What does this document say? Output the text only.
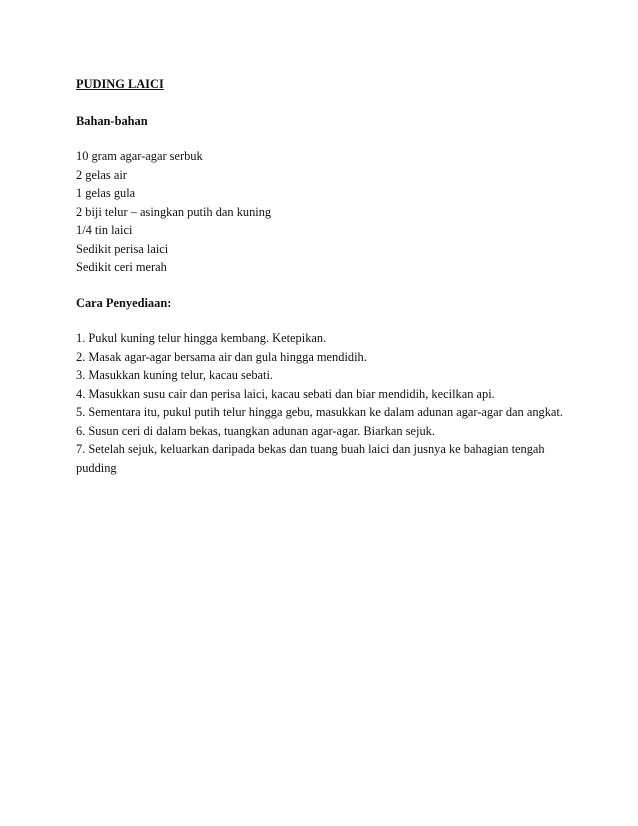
PUDING LAICI

Bahan-bahan

10 gram agar-agar serbuk
2 gelas air
1 gelas gula
2 biji telur – asingkan putih dan kuning
1/4 tin laici
Sedikit perisa laici
Sedikit ceri merah

Cara Penyediaan:

1. Pukul kuning telur hingga kembang. Ketepikan.
2. Masak agar-agar bersama air dan gula hingga mendidih.
3. Masukkan kuning telur, kacau sebati.
4. Masukkan susu cair dan perisa laici, kacau sebati dan biar mendidih, kecilkan api.
5. Sementara itu, pukul putih telur hingga gebu, masukkan ke dalam adunan agar-agar dan angkat.
6. Susun ceri di dalam bekas, tuangkan adunan agar-agar. Biarkan sejuk.
7. Setelah sejuk, keluarkan daripada bekas dan tuang buah laici dan jusnya ke bahagian tengah pudding
